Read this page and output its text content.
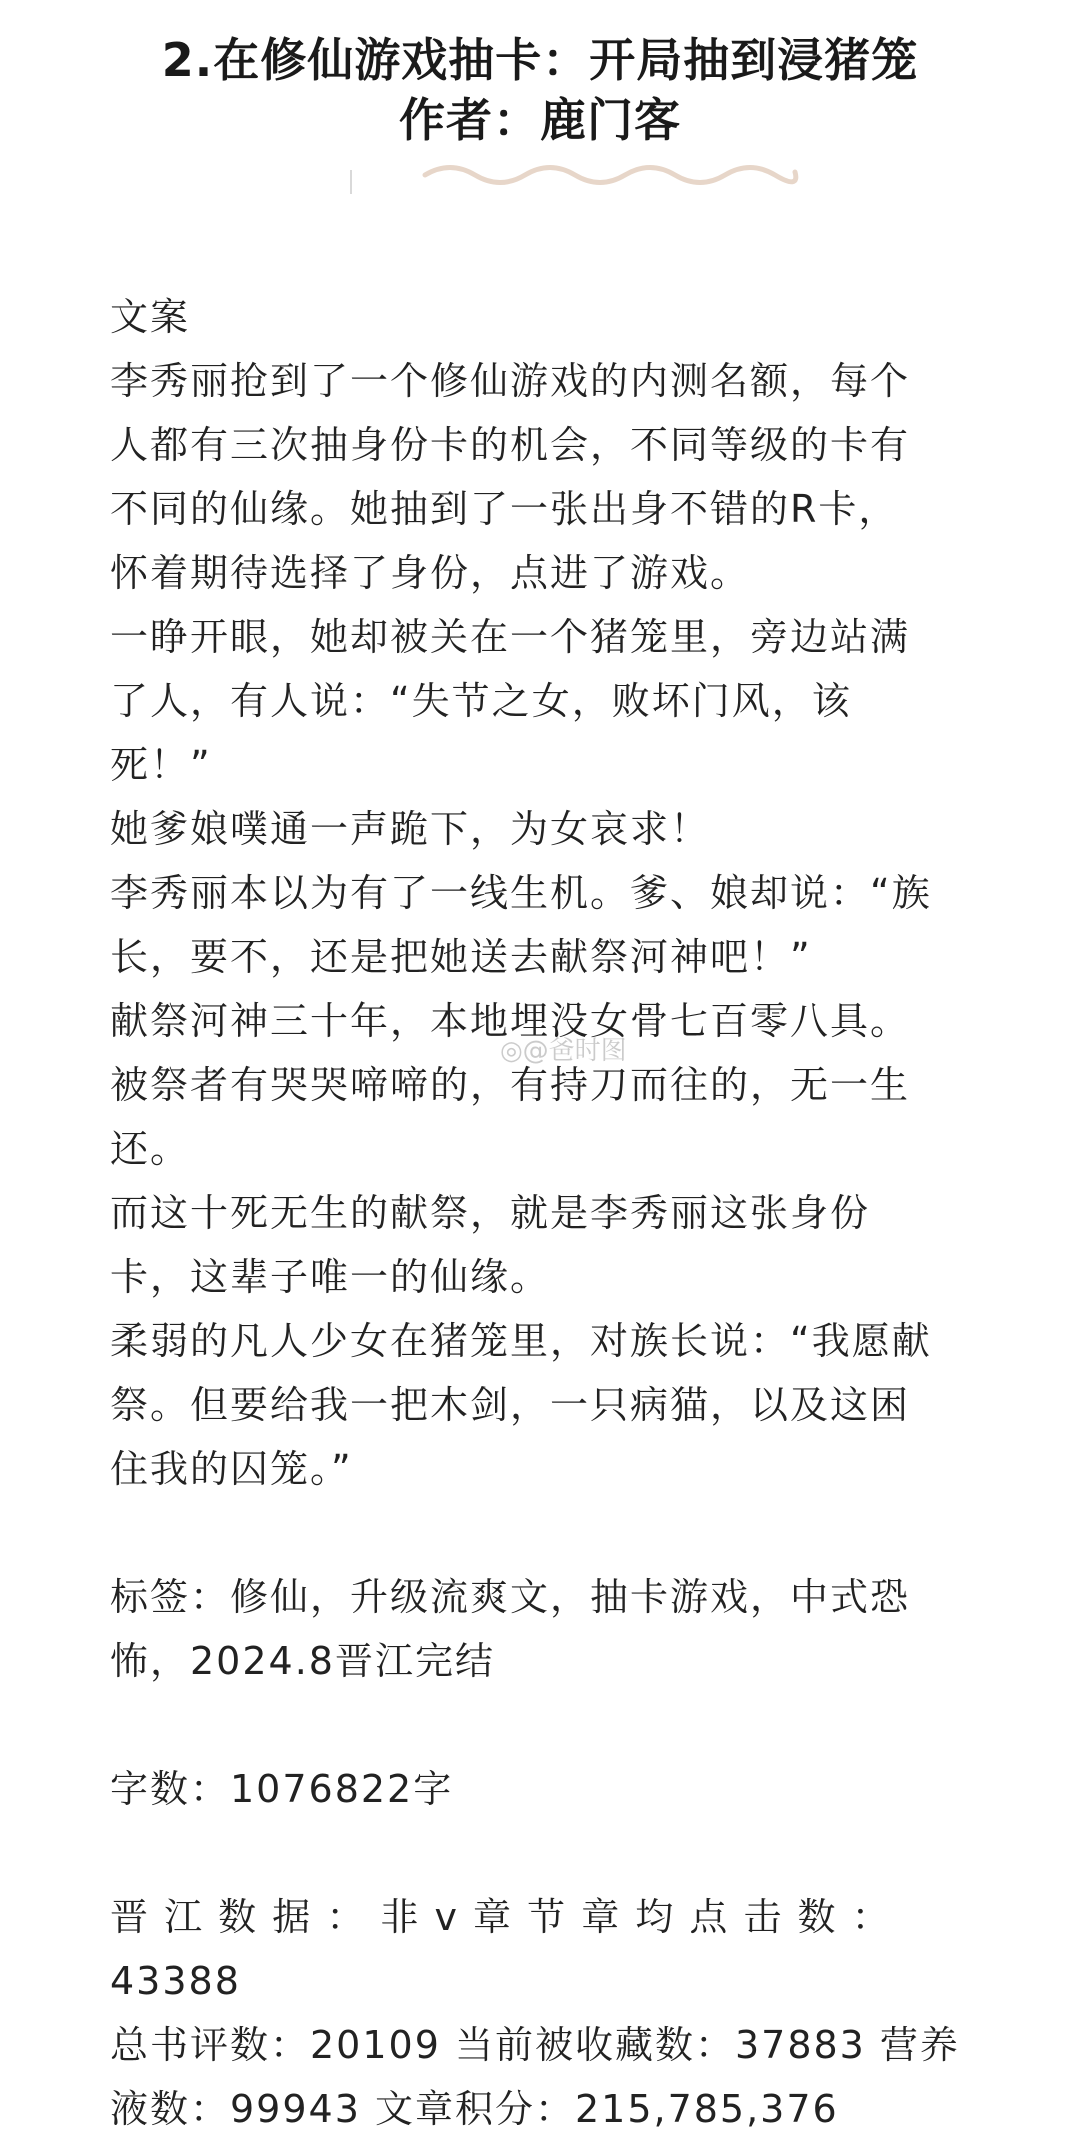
2.在修仙游戏抽卡：开局抽到浸猪笼
作者：鹿门客

文案

李秀丽抢到了一个修仙游戏的内测名额，每个

人都有三次抽身份卡的机会，不同等级的卡有

不同的仙缘。她抽到了一张出身不错的R卡，

怀着期待选择了身份，点进了游戏。

一睁开眼，她却被关在一个猪笼里，旁边站满

了人，有人说：“失节之女，败坏门风，该

死！”

她爹娘噗通一声跪下，为女哀求！

李秀丽本以为有了一线生机。爹、娘却说：“族

长，要不，还是把她送去献祭河神吧！”

献祭河神三十年，本地埋没女骨七百零八具。

被祭者有哭哭啼啼的，有持刀而往的，无一生

还。

而这十死无生的献祭，就是李秀丽这张身份

卡，这辈子唯一的仙缘。

柔弱的凡人少女在猪笼里，对族长说：“我愿献

祭。但要给我一把木剑，一只病猫，以及这困

住我的囚笼。”

标签：修仙，升级流爽文，抽卡游戏，中式恐

怖，2024.8晋江完结

字数：1076822字

晋 江 数 据 ： 非 v 章 节 章 均 点 击 数 ： 43388

总书评数：20109 当前被收藏数：37883 营养

液数：99943 文章积分：215,785,376

◎@爸时图
